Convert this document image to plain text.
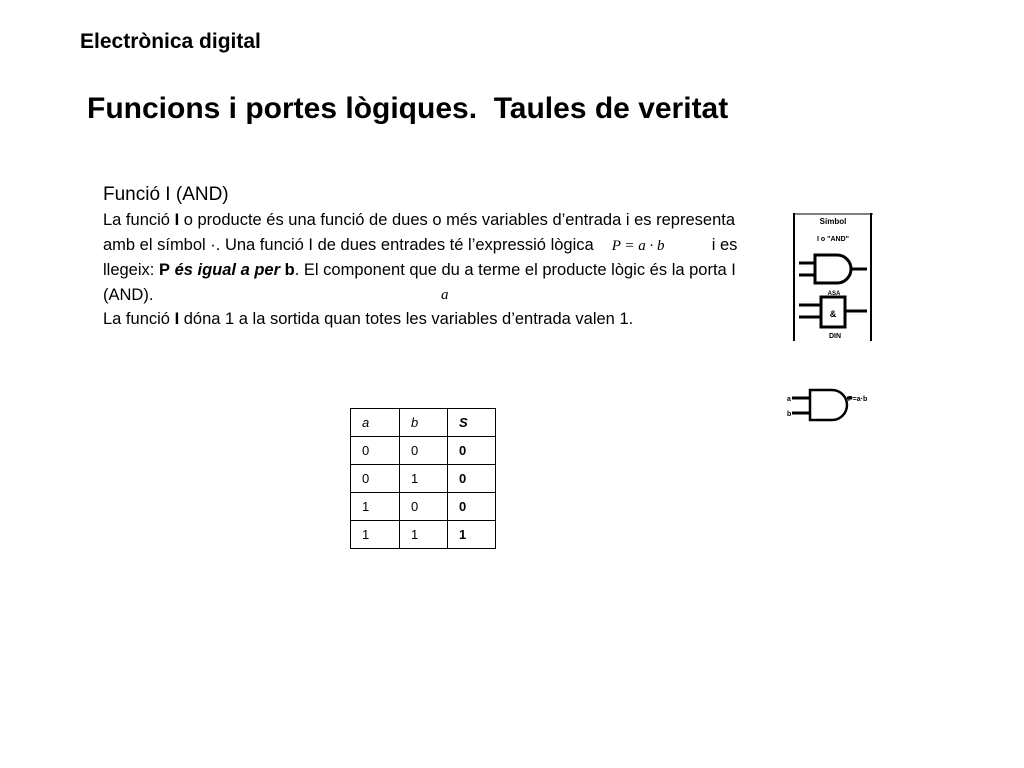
Electrònica digital
Funcions i portes lògiques.  Taules de veritat
Funció I (AND)
La funció I o producte és una funció de dues o més variables d’entrada i es representa amb el símbol ·. Una funció I de dues entrades té l’expressió lògica P = a · b	i es llegeix: P és igual a per b. El component que du a terme el producte lògic és la porta I (AND).
La funció I dóna 1 a la sortida quan totes les variables d’entrada valen 1.
a
Símbol
I o "AND"
ASA
&
DIN
a
b
P=a·b
a	b	S
0	0	0
0	1	0
1	0	0
1	1	1
